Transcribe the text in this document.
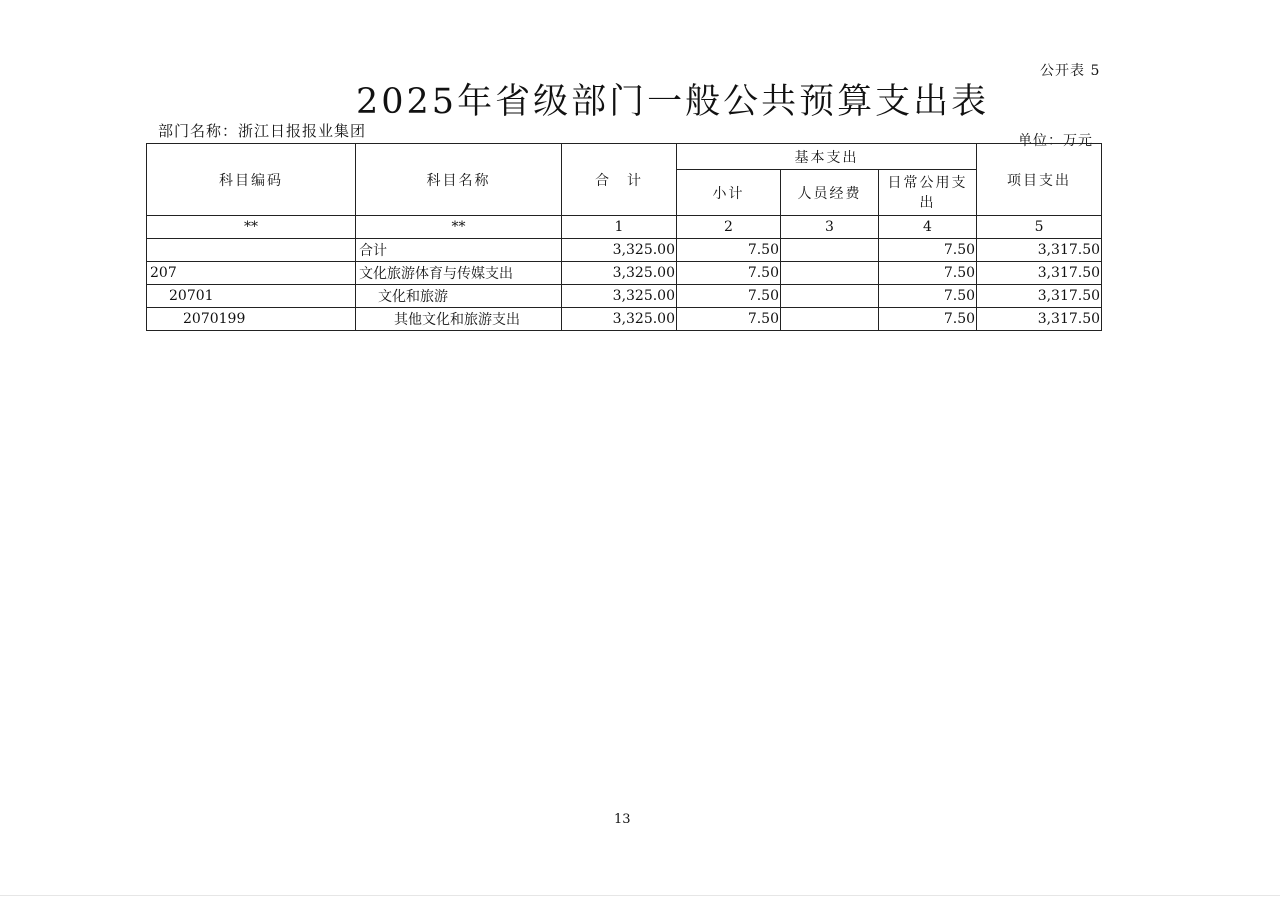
公开表 5
2025年省级部门一般公共预算支出表
部门名称：浙江日报报业集团
单位：万元
科目编码	科目名称	合　计	基本支出			项目支出
			小计	人员经费	日常公用支出	
**	**	1	2	3	4	5
	合计	3,325.00	7.50		7.50	3,317.50
207	文化旅游体育与传媒支出	3,325.00	7.50		7.50	3,317.50
20701	文化和旅游	3,325.00	7.50		7.50	3,317.50
2070199	其他文化和旅游支出	3,325.00	7.50		7.50	3,317.50
13
